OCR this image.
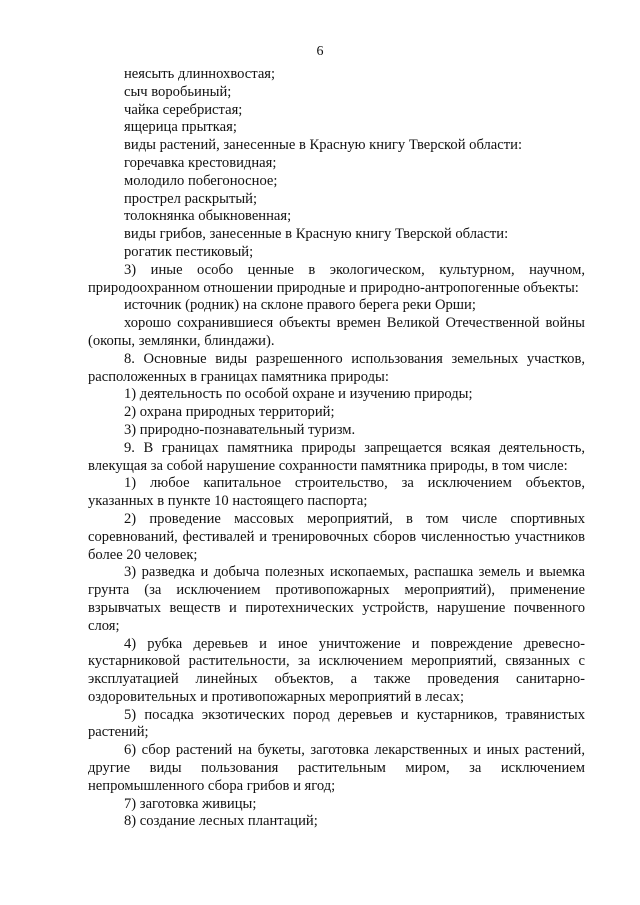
6

неясыть длиннохвостая;

сыч воробьиный;

чайка серебристая;

ящерица прыткая;

виды растений, занесенные в Красную книгу Тверской области:

горечавка крестовидная;

молодило побегоносное;

прострел раскрытый;

толокнянка обыкновенная;

виды грибов, занесенные в Красную книгу Тверской области:

рогатик пестиковый;

3) иные особо ценные в экологическом, культурном, научном, природоохранном отношении природные и природно-антропогенные объекты:

источник (родник) на склоне правого берега реки Орши;

хорошо сохранившиеся объекты времен Великой Отечественной войны (окопы, землянки, блиндажи).

8. Основные виды разрешенного использования земельных участков, расположенных в границах памятника природы:

1) деятельность по особой охране и изучению природы;

2) охрана природных территорий;

3) природно-познавательный туризм.

9. В границах памятника природы запрещается всякая деятельность, влекущая за собой нарушение сохранности памятника природы, в том числе:

1) любое капитальное строительство, за исключением объектов, указанных в пункте 10 настоящего паспорта;

2) проведение массовых мероприятий, в том числе спортивных соревнований, фестивалей и тренировочных сборов численностью участников более 20 человек;

3) разведка и добыча полезных ископаемых, распашка земель и выемка грунта (за исключением противопожарных мероприятий), применение взрывчатых веществ и пиротехнических устройств, нарушение почвенного слоя;

4) рубка деревьев и иное уничтожение и повреждение древесно-кустарниковой растительности, за исключением мероприятий, связанных с эксплуатацией линейных объектов, а также проведения санитарно-оздоровительных и противопожарных мероприятий в лесах;

5) посадка экзотических пород деревьев и кустарников, травянистых растений;

6) сбор растений на букеты, заготовка лекарственных и иных растений, другие виды пользования растительным миром, за исключением непромышленного сбора грибов и ягод;

7) заготовка живицы;

8) создание лесных плантаций;
